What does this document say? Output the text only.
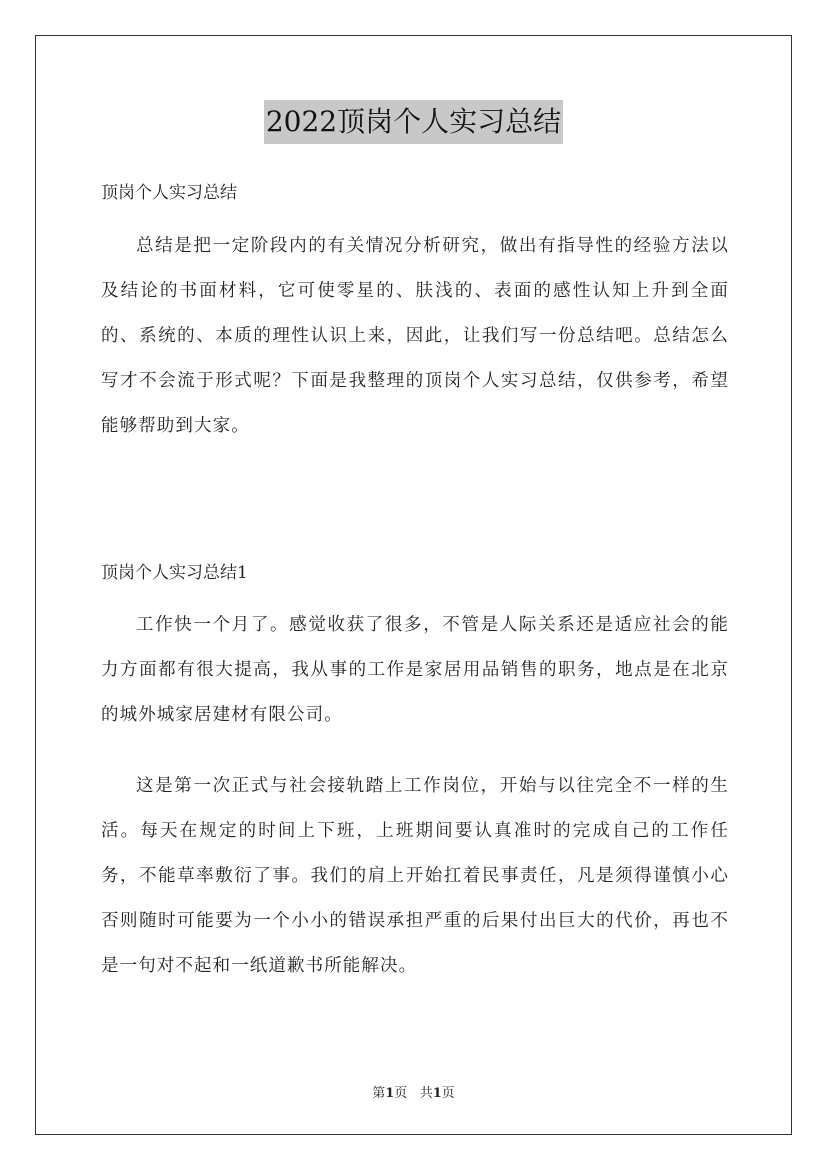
2022顶岗个人实习总结
顶岗个人实习总结

总结是把一定阶段内的有关情况分析研究，做出有指导性的经验方法以及结论的书面材料，它可使零星的、肤浅的、表面的感性认知上升到全面的、系统的、本质的理性认识上来，因此，让我们写一份总结吧。总结怎么写才不会流于形式呢？下面是我整理的顶岗个人实习总结，仅供参考，希望能够帮助到大家。

顶岗个人实习总结1

工作快一个月了。感觉收获了很多，不管是人际关系还是适应社会的能力方面都有很大提高，我从事的工作是家居用品销售的职务，地点是在北京的城外城家居建材有限公司。

这是第一次正式与社会接轨踏上工作岗位，开始与以往完全不一样的生活。每天在规定的时间上下班，上班期间要认真准时的完成自己的工作任务，不能草率敷衍了事。我们的肩上开始扛着民事责任，凡是须得谨慎小心否则随时可能要为一个小小的错误承担严重的后果付出巨大的代价，再也不是一句对不起和一纸道歉书所能解决。

第1页 共1页
